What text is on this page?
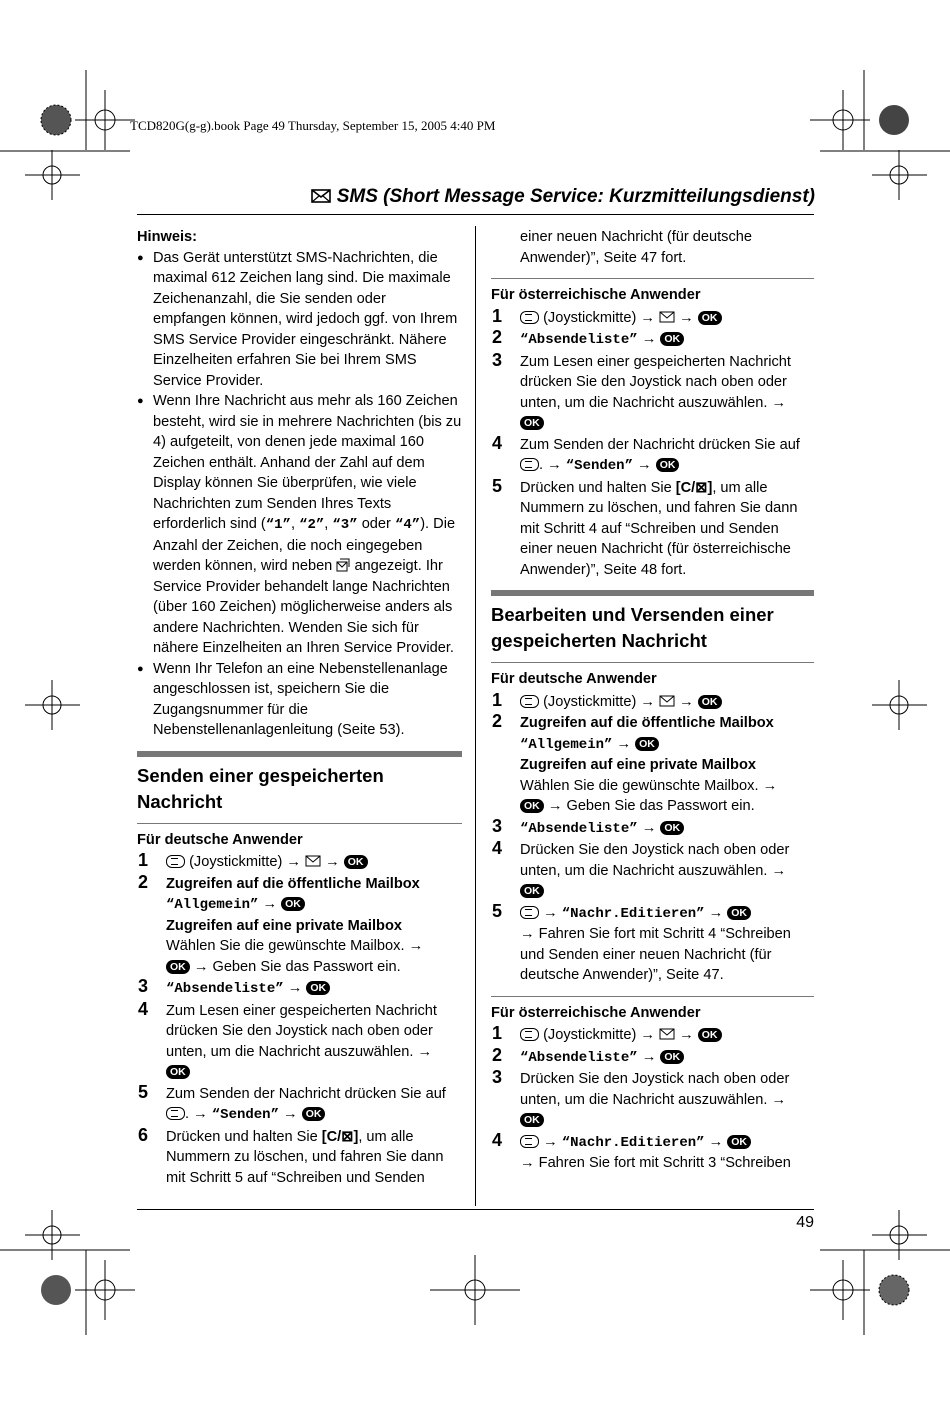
TCD820G(g-g).book Page 49 Thursday, September 15, 2005 4:40 PM
SMS (Short Message Service: Kurzmitteilungsdienst)

Hinweis:

● Das Gerät unterstützt SMS-Nachrichten, die maximal 612 Zeichen lang sind. Die maximale Zeichenanzahl, die Sie senden oder empfangen können, wird jedoch ggf. von Ihrem SMS Service Provider eingeschränkt. Nähere Einzelheiten erfahren Sie bei Ihrem SMS Service Provider.

● Wenn Ihre Nachricht aus mehr als 160 Zeichen besteht, wird sie in mehrere Nachrichten (bis zu 4) aufgeteilt, von denen jede maximal 160 Zeichen enthält. Anhand der Zahl auf dem Display können Sie überprüfen, wie viele Nachrichten zum Senden Ihres Texts erforderlich sind (“1”, “2”, “3” oder “4”). Die Anzahl der Zeichen, die noch eingegeben werden können, wird neben angezeigt. Ihr Service Provider behandelt lange Nachrichten (über 160 Zeichen) möglicherweise anders als andere Nachrichten. Wenden Sie sich für nähere Einzelheiten an Ihren Service Provider.

● Wenn Ihr Telefon an eine Nebenstellenanlage angeschlossen ist, speichern Sie die Zugangsnummer für die Nebenstellenanlagenleitung (Seite 53).

Senden einer gespeicherten Nachricht
Für deutsche Anwender
1	(Joystickmitte) → → OK
2 Zugreifen auf die öffentliche Mailbox
“Allgemein” → OK
Zugreifen auf eine private Mailbox
Wählen Sie die gewünschte Mailbox. →
OK → Geben Sie das Passwort ein.
3 “Absendeliste” → OK
4 Zum Lesen einer gespeicherten Nachricht drücken Sie den Joystick nach oben oder unten, um die Nachricht auszuwählen. →
OK
5 Zum Senden der Nachricht drücken Sie auf
. → “Senden” → OK
6 Drücken und halten Sie [C/⊠], um alle Nummern zu löschen, und fahren Sie dann mit Schritt 5 auf “Schreiben und Senden

einer neuen Nachricht (für deutsche Anwender)”, Seite 47 fort.

Für österreichische Anwender
1	(Joystickmitte) → → OK
2 “Absendeliste” → OK
3 Zum Lesen einer gespeicherten Nachricht drücken Sie den Joystick nach oben oder unten, um die Nachricht auszuwählen. →
OK
4 Zum Senden der Nachricht drücken Sie auf
. → “Senden” → OK
5 Drücken und halten Sie [C/⊠], um alle Nummern zu löschen, und fahren Sie dann mit Schritt 4 auf “Schreiben und Senden einer neuen Nachricht (für österreichische Anwender)”, Seite 48 fort.
Bearbeiten und Versenden einer gespeicherten Nachricht
Für deutsche Anwender
1	(Joystickmitte) → → OK
2 Zugreifen auf die öffentliche Mailbox
“Allgemein” → OK
Zugreifen auf eine private Mailbox
Wählen Sie die gewünschte Mailbox. →
OK → Geben Sie das Passwort ein.
3 “Absendeliste” → OK
4 Drücken Sie den Joystick nach oben oder unten, um die Nachricht auszuwählen. →
OK
5	→ “Nachr.Editieren” → OK
→ Fahren Sie fort mit Schritt 4 “Schreiben und Senden einer neuen Nachricht (für deutsche Anwender)”, Seite 47.
Für österreichische Anwender
1	(Joystickmitte) → → OK
2 “Absendeliste” → OK
3 Drücken Sie den Joystick nach oben oder unten, um die Nachricht auszuwählen. →
OK
4	→ “Nachr.Editieren” → OK
→ Fahren Sie fort mit Schritt 3 “Schreiben
49
